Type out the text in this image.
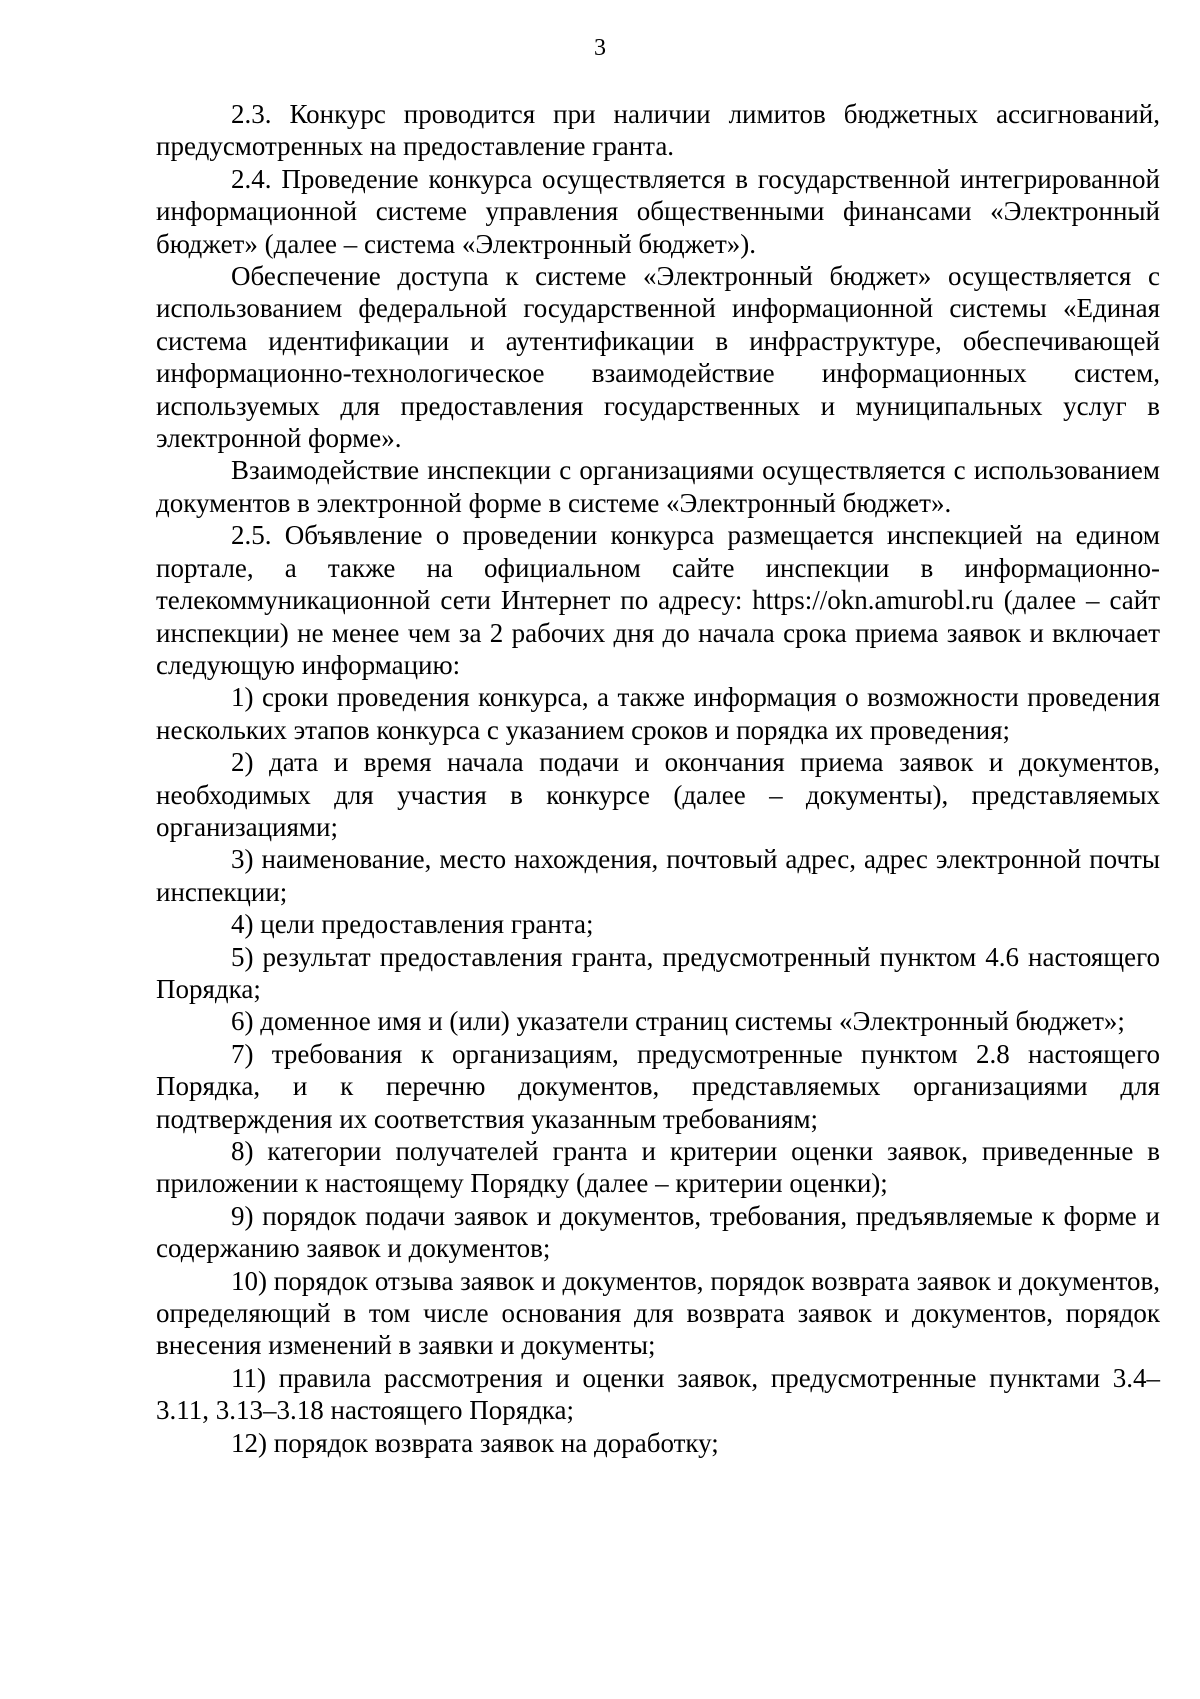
3

2.3. Конкурс проводится при наличии лимитов бюджетных ассигнований, предусмотренных на предоставление гранта.

2.4. Проведение конкурса осуществляется в государственной интегрированной информационной системе управления общественными финансами «Электронный бюджет» (далее – система «Электронный бюджет»).

Обеспечение доступа к системе «Электронный бюджет» осуществляется с использованием федеральной государственной информационной системы «Единая система идентификации и аутентификации в инфраструктуре, обеспечивающей информационно-технологическое взаимодействие информационных систем, используемых для предоставления государственных и муниципальных услуг в электронной форме».

Взаимодействие инспекции с организациями осуществляется с использованием документов в электронной форме в системе «Электронный бюджет».

2.5. Объявление о проведении конкурса размещается инспекцией на едином портале, а также на официальном сайте инспекции в информационно-телекоммуникационной сети Интернет по адресу: https://okn.amurobl.ru (далее – сайт инспекции) не менее чем за 2 рабочих дня до начала срока приема заявок и включает следующую информацию:

1) сроки проведения конкурса, а также информация о возможности проведения нескольких этапов конкурса с указанием сроков и порядка их проведения;

2) дата и время начала подачи и окончания приема заявок и документов, необходимых для участия в конкурсе (далее – документы), представляемых организациями;

3) наименование, место нахождения, почтовый адрес, адрес электронной почты инспекции;

4) цели предоставления гранта;

5) результат предоставления гранта, предусмотренный пунктом 4.6 настоящего Порядка;

6) доменное имя и (или) указатели страниц системы «Электронный бюджет»;

7) требования к организациям, предусмотренные пунктом 2.8 настоящего Порядка, и к перечню документов, представляемых организациями для подтверждения их соответствия указанным требованиям;

8) категории получателей гранта и критерии оценки заявок, приведенные в приложении к настоящему Порядку (далее – критерии оценки);

9) порядок подачи заявок и документов, требования, предъявляемые к форме и содержанию заявок и документов;

10) порядок отзыва заявок и документов, порядок возврата заявок и документов, определяющий в том числе основания для возврата заявок и документов, порядок внесения изменений в заявки и документы;

11) правила рассмотрения и оценки заявок, предусмотренные пунктами 3.4–3.11, 3.13–3.18 настоящего Порядка;

12) порядок возврата заявок на доработку;
